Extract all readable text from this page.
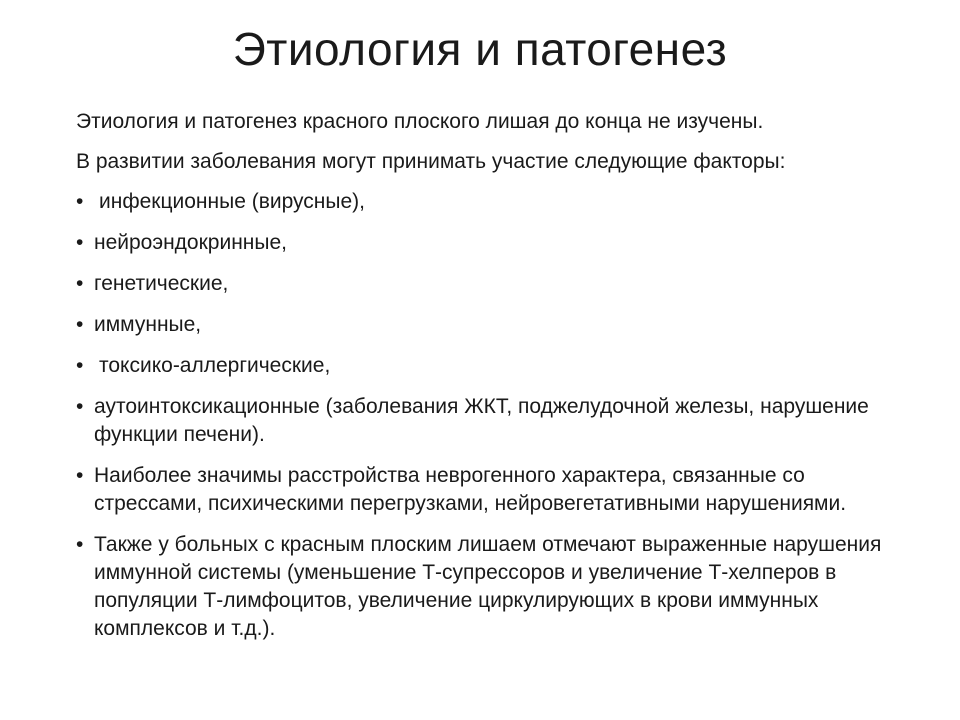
Этиология и патогенез

Этиология и патогенез красного плоского лишая до конца не изучены.

В развитии заболевания могут принимать участие следующие факторы:

• инфекционные (вирусные),
• нейроэндокринные,
• генетические,
• иммунные,
• токсико-аллергические,
• аутоинтоксикационные (заболевания ЖКТ, поджелудочной железы, нарушение функции печени).
• Наиболее значимы расстройства неврогенного характера, связанные со стрессами, психическими перегрузками, нейровегетативными нарушениями.
• Также у больных с красным плоским лишаем отмечают выраженные нарушения иммунной системы (уменьшение Т-супрессоров и увеличение Т-хелперов в популяции Т-лимфоцитов, увеличение циркулирующих в крови иммунных комплексов и т.д.).
